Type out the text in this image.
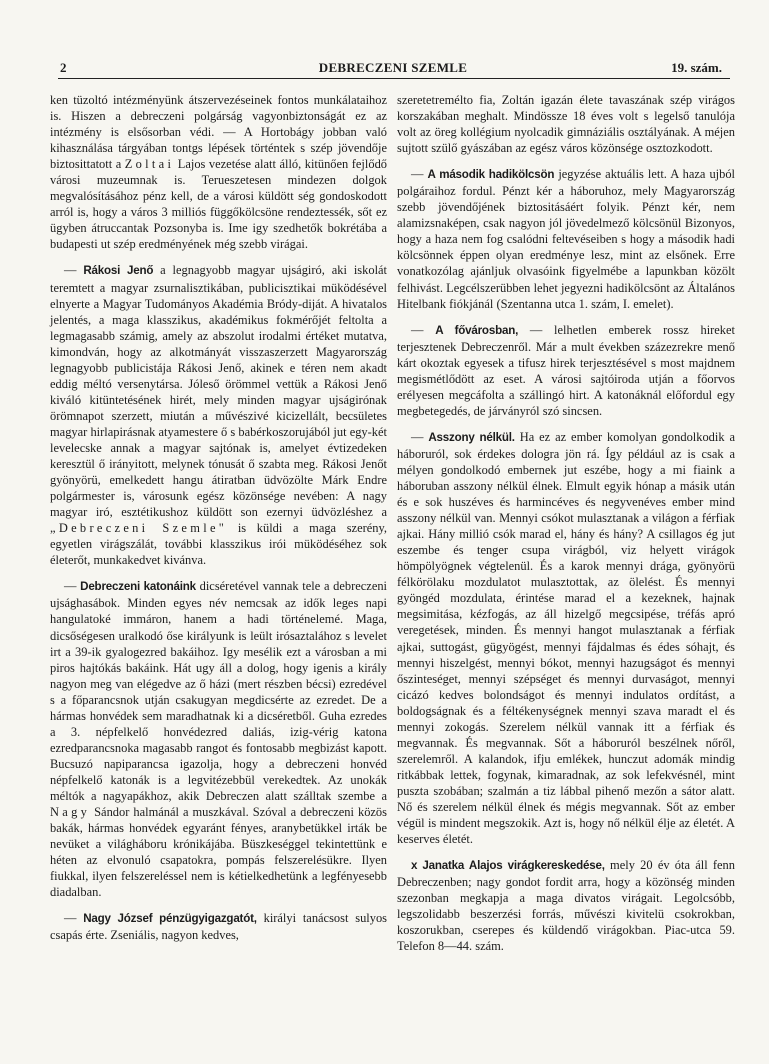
2	DEBRECZENI SZEMLE	19. szám.

ken tüzoltó intézményünk átszervezéseinek fontos munkálataihoz is. Hiszen a debreczeni polgárság vagyonbiztonságát ez az intézmény is elsősorban védi. — A Hortobágy jobban való kihasználása tárgyában tontgs lépések történtek s szép jövendője biztosittatott a Zoltai Lajos vezetése alatt álló, kitünően fejlődő városi muzeumnak is. Terueszetesen mindezen dolgok megvalósításához pénz kell, de a városi küldött ség gondoskodott arról is, hogy a város 3 milliós függőkölcsöne rendeztessék, sőt ez ügyben átruccantak Pozsonyba is. Ime igy szedhetők bokrétába a budapesti ut szép eredményének még szebb virágai.

— Rákosi Jenő a legnagyobb magyar ujságiró, aki iskolát teremtett a magyar zsurnalisztikában, publicisztikai müködésével elnyerte a Magyar Tudományos Akadémia Bródy-diját. A hivatalos jelentés, a maga klasszikus, akadémikus fokmérőjét feltolta a legmagasabb számig, amely az abszolut irodalmi értéket mutatva, kimondván, hogy az alkotmányát visszaszerzett Magyarország legnagyobb publicistája Rákosi Jenő, akinek e téren nem akadt eddig méltó versenytársa. Jóleső örömmel vettük a Rákosi Jenő kiváló kitüntetésének hirét, mely minden magyar ujságirónak örömnapot szerzett, miután a művészivé kicizellált, becsületes magyar hirlapirásnak atyamestere ő s babérkoszorujából jut egy-két levelecske annak a magyar sajtónak is, amelyet évtizedeken keresztül ő irányitott, melynek tónusát ő szabta meg. Rákosi Jenőt gyönyörü, emelkedett hangu átiratban üdvözölte Márk Endre polgármester is, városunk egész közönsége nevében: A nagy magyar iró, esztétikushoz küldött son ezernyi üdvözléshez a „Debreczeni Szemle" is küldi a maga szerény, egyetlen virágszálát, további klasszikus irói müködéséhez sok életerőt, munkakedvet kivánva.

— Debreczeni katonáink dicséretével vannak tele a debreczeni ujsághasábok. Minden egyes név nemcsak az idők leges napi hangulatoké immáron, hanem a hadi történelemé. Maga, dicsőségesen uralkodó őse királyunk is leült irósaztalához s levelet irt a 39-ik gyalogezred bakáihoz. Igy mesélik ezt a városban a mi piros hajtókás bakáink. Hát ugy áll a dolog, hogy igenis a király nagyon meg van elégedve az ő házi (mert részben bécsi) ezredével s a főparancsnok utján csakugyan megdicsérte az ezredet. De a hármas honvédek sem maradhatnak ki a dicséretből. Guha ezredes a 3. népfelkelő honvédezred daliás, izig-vérig katona ezredparancsnoka magasabb rangot és fontosabb megbizást kapott. Bucsuzó napiparancsa igazolja, hogy a debreczeni honvéd népfelkelő katonák is a legvitézebbül verekedtek. Az unokák méltók a nagyapákhoz, akik Debreczen alatt szálltak szembe a Nagy Sándor halmánál a muszkával. Szóval a debreczeni közös bakák, hármas honvédek egyaránt fényes, aranybetükkel irták be nevüket a világháboru krónikájába. Büszkeséggel tekintettünk e héten az elvonuló csapatokra, pompás felszerelésükre. Ilyen fiukkal, ilyen felszereléssel nem is kétielkedhetünk a legfényesebb diadalban.

— Nagy József pénzügyigazgatót, királyi tanácsost sulyos csapás érte. Zseniális, nagyon kedves,

szeretetremélto fia, Zoltán igazán élete tavaszának szép virágos korszakában meghalt. Mindössze 18 éves volt s legelső tanulója volt az öreg kollégium nyolcadik gimnáziális osztályának. A méjen sujtott szülő gyászában az egész város közönsége osztozkodott.

— A második hadikölcsön jegyzése aktuális lett. A haza ujból polgáraihoz fordul. Pénzt kér a háboruhoz, mely Magyarország szebb jövendőjének biztositásáért folyik. Pénzt kér, nem alamizsnaképen, csak nagyon jól jövedelmező kölcsönül Bizonyos, hogy a haza nem fog csalódni feltevéseiben s hogy a második hadi kölcsönnek éppen olyan eredménye lesz, mint az elsőnek. Erre vonatkozólag ajánljuk olvasóink figyelmébe a lapunkban közölt felhivást. Legcélszerübben lehet jegyezni hadikölcsönt az Általános Hitelbank fiókjánál (Szentanna utca 1. szám, I. emelet).

— A fővárosban, — lelhetlen emberek rossz hireket terjesztenek Debreczenről. Már a mult években százezrekre menő kárt okoztak egyesek a tifusz hirek terjesztésével s most majdnem megismétlődött az eset. A városi sajtóiroda utján a főorvos erélyesen megcáfolta a szállingó hirt. A katonáknál előfordul egy megbetegedés, de járványról szó sincsen.

— Asszony nélkül. Ha ez az ember komolyan gondolkodik a háboruról, sok érdekes dologra jön rá. Így például az is csak a mélyen gondolkodó embernek jut eszébe, hogy a mi fiaink a háboruban asszony nélkül élnek. Elmult egyik hónap a másik után és e sok huszéves és harmincéves és negyvenéves ember mind asszony nélkül van. Mennyi csókot mulasztanak a világon a férfiak ajkai. Hány millió csók marad el, hány és hány? A csillagos ég jut eszembe és tenger csupa virágból, viz helyett virágok hömpölyögnek végtelenül. És a karok mennyi drága, gyönyörü félkörölaku mozdulatot mulasztottak, az ölelést. És mennyi gyöngéd mozdulata, érintése marad el a kezeknek, hajnak megsimitása, kézfogás, az áll hizelgő megcsipése, tréfás apró veregetések, minden. És mennyi hangot mulasztanak a férfiak ajkai, suttogást, gügyögést, mennyi fájdalmas és édes sóhajt, és mennyi hiszelgést, mennyi bókot, mennyi hazugságot és mennyi őszinteséget, mennyi szépséget és mennyi durvaságot, mennyi cicázó kedves bolondságot és mennyi indulatos ordítást, a boldogságnak és a féltékenységnek mennyi szava maradt el és mennyi zokogás. Szerelem nélkül vannak itt a férfiak és megvannak. És megvannak. Sőt a háboruról beszélnek nőről, szerelemről. A kalandok, ifju emlékek, hunczut adomák mindig ritkábbak lettek, fogynak, kimaradnak, az sok lefekvésnél, mint puszta szobában; szalmán a tiz lábbal pihenő mezőn a sátor alatt. Nő és szerelem nélkül élnek és mégis megvannak. Sőt az ember végül is mindent megszokik. Azt is, hogy nő nélkül élje az életét. A keserves életét.

x Janatka Alajos virágkereskedése, mely 20 év óta áll fenn Debreczenben; nagy gondot fordit arra, hogy a közönség minden szezonban megkapja a maga divatos virágait. Legolcsóbb, legszolidabb beszerzési forrás, művészi kivitelü csokrokban, koszorukban, cserepes és küldendő virágokban. Piac-utca 59. Telefon 8—44. szám.
